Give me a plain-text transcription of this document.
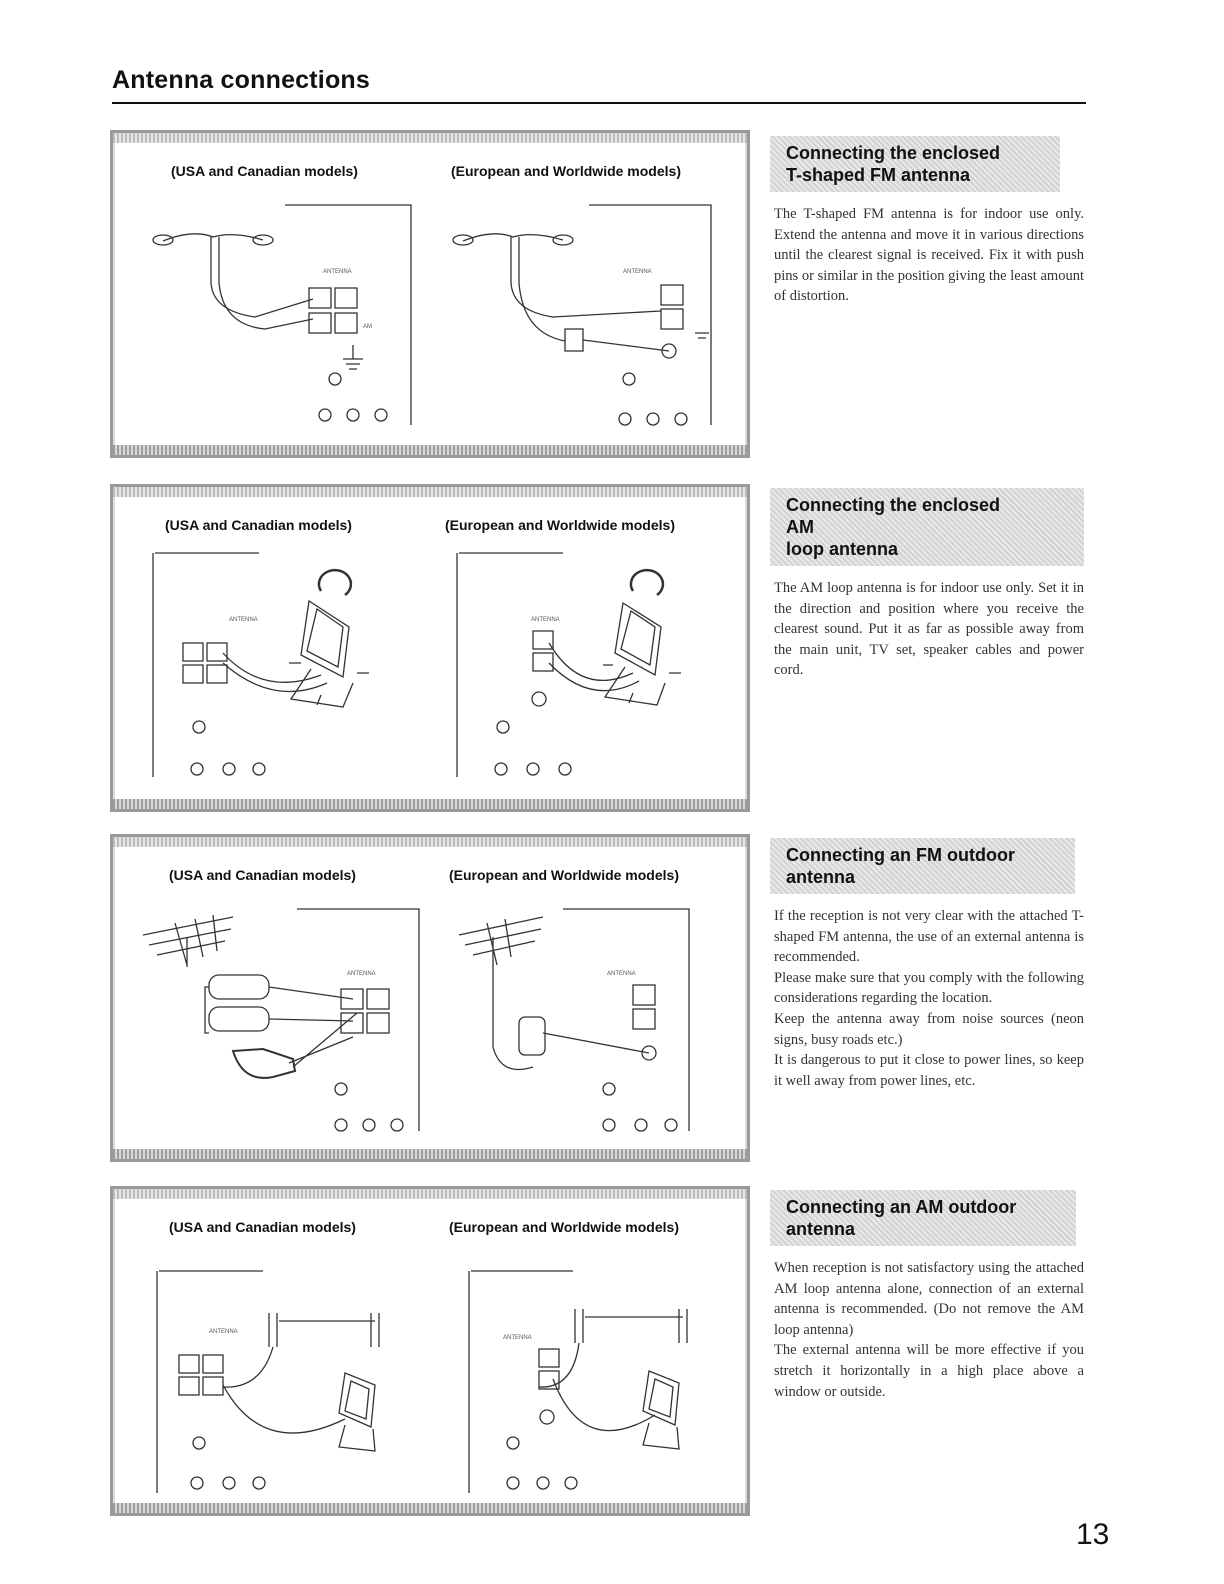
Antenna connections
ANTENNA
AM
ANTENNA
(USA and Canadian models)	(European and Worldwide models)
ANTENNA	ANTENNA
(USA and Canadian models)	(European and Worldwide models)
ANTENNA	ANTENNA
(USA and Canadian models)	(European and Worldwide models)
ANTENNA
ANTENNA
(USA and Canadian models)	(European and Worldwide models)
Connecting the enclosed
T-shaped FM antenna

The T-shaped FM antenna is for indoor use only. Extend the antenna and move it in various directions until the clearest signal is received. Fix it with push pins or similar in the position giving the least amount of distortion.

Connecting the enclosed AM
loop antenna

The AM loop antenna is for indoor use only. Set it in the direction and position where you receive the clearest sound. Put it as far as possible away from the main unit, TV set, speaker cables and power cord.

Connecting an FM outdoor
antenna

If the reception is not very clear with the attached T-shaped FM antenna, the use of an external antenna is recommended.

Please make sure that you comply with the following considerations regarding the location.

Keep the antenna away from noise sources (neon signs, busy roads etc.)

It is dangerous to put it close to power lines, so keep it well away from power lines, etc.

Connecting an AM outdoor
antenna

When reception is not satisfactory using the attached AM loop antenna alone, connection of an external antenna is recommended. (Do not remove the AM loop antenna)

The external antenna will be more effective if you stretch it horizontally in a high place above a window or outside.

13
